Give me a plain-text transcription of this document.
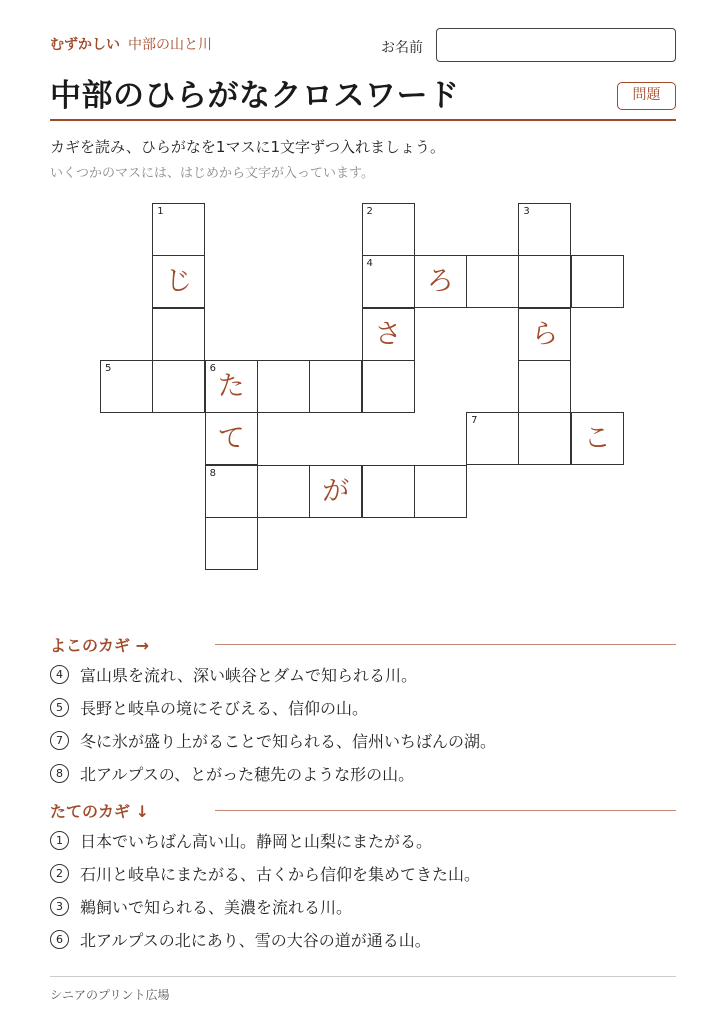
むずかしい 中部の山と川	お名前
中部のひらがなクロスワード	問題
カギを読み、ひらがなを1マスに1文字ずつ入れましょう。
いくつかのマスには、はじめから文字が入っています。
1	2	3
じ
4
ろ
さ	ら
5	6
た
て
7
こ
8
が
よこのカギ →
4	富山県を流れ、深い峡谷とダムで知られる川。
5	長野と岐阜の境にそびえる、信仰の山。
7	冬に氷が盛り上がることで知られる、信州いちばんの湖。
8	北アルプスの、とがった穂先のような形の山。
たてのカギ ↓
1	日本でいちばん高い山。静岡と山梨にまたがる。
2	石川と岐阜にまたがる、古くから信仰を集めてきた山。
3	鵜飼いで知られる、美濃を流れる川。
6	北アルプスの北にあり、雪の大谷の道が通る山。
シニアのプリント広場
